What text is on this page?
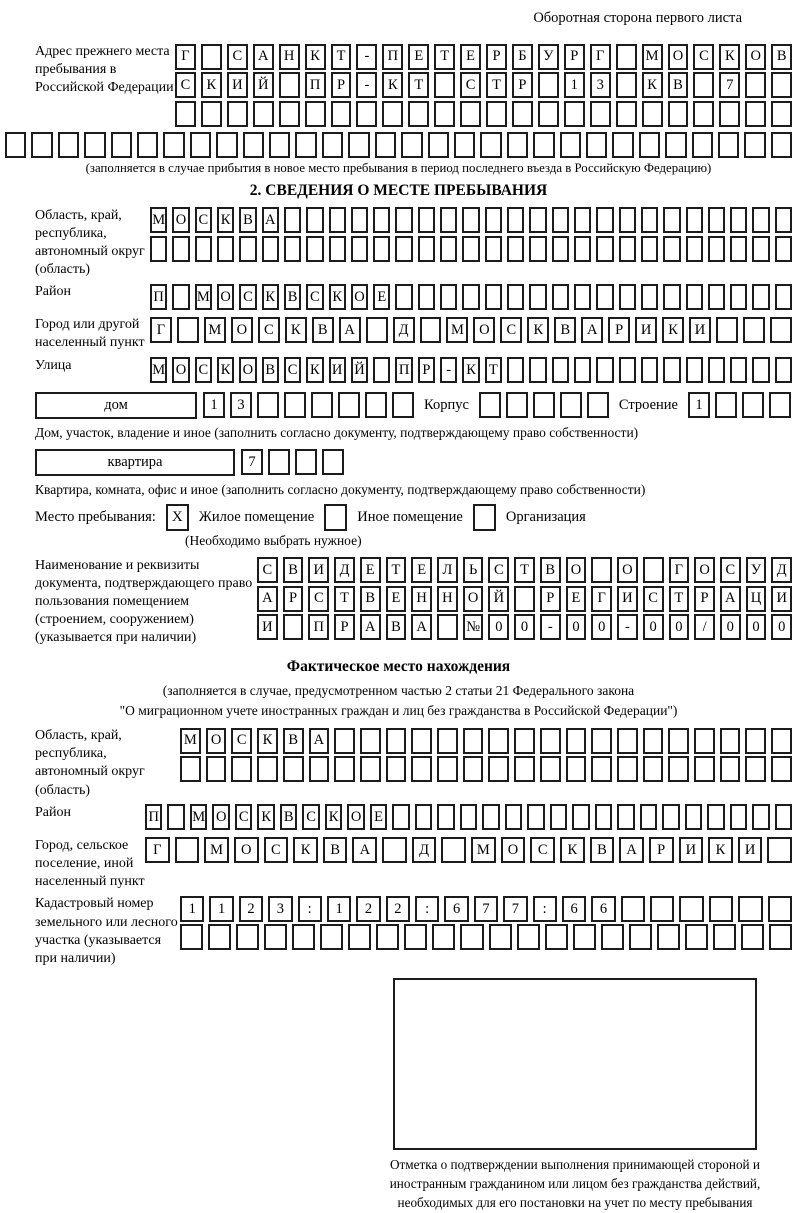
Оборотная сторона первого листа
Адрес прежнего места пребывания в Российской Федерации
Г	С	А	Н	К	Т	-	П	Е	Т	Е	Р	Б	У	Р	Г	М О	С	К	О	В
С	К	И	Й	П	Р	-	К	Т	С	Т	Р	1	3	К	В	7
(заполняется в случае прибытия в новое место пребывания в период последнего въезда в Российскую Федерацию)
2. СВЕДЕНИЯ О МЕСТЕ ПРЕБЫВАНИЯ
Область, край, республика, автономный округ (область)
М О С К В А
Район	П М О С К В С К О Е
Город или другой населенный пункт
Г	М	О	С	К	В	А	Д	М	О	С	К	В	А	Р	И	К	И
Улица	М О С К О В С К И Й П Р	-	К Т
дом	1	3	Корпус	Строение	1
Дом, участок, владение и иное (заполнить согласно документу, подтверждающему право собственности)
квартира	7
Квартира, комната, офис и иное (заполнить согласно документу, подтверждающему право собственности)
Место пребывания:	X	Жилое помещение	Иное помещение	Организация
(Необходимо выбрать нужное)
Наименование и реквизиты документа, подтверждающего право пользования помещением (строением, сооружением) (указывается при наличии)
С	В	И	Д	Е	Т	Е	Л	Ь	С	Т	В	О	О	Г	О	С	У	Д
А	Р	С	Т	В	Е	Н	Н	О	Й	Р	Е	Г	И	С	Т	Р	А	Ц	И
И	П	Р	А	В	А	№	0	0	-	0	0	-	0	0	/	0	0	0
Фактическое место нахождения
(заполняется в случае, предусмотренном частью 2 статьи 21 Федерального закона
"О миграционном учете иностранных граждан и лиц без гражданства в Российской Федерации")
Область, край, республика, автономный округ (область)
М О	С	К	В	А
Район	П М О С К В С К О Е
Город, сельское поселение, иной населенный пункт
Г	М	О	С	К	В	А	Д	М	О	С	К	В	А	Р	И	К	И
Кадастровый номер земельного или лесного участка (указывается при наличии)
1	1	2	3	:	1	2	2	:	6	7	7	:	6	6
Отметка о подтверждении выполнения принимающей стороной и иностранным гражданином или лицом без гражданства действий, необходимых для его постановки на учет по месту пребывания
